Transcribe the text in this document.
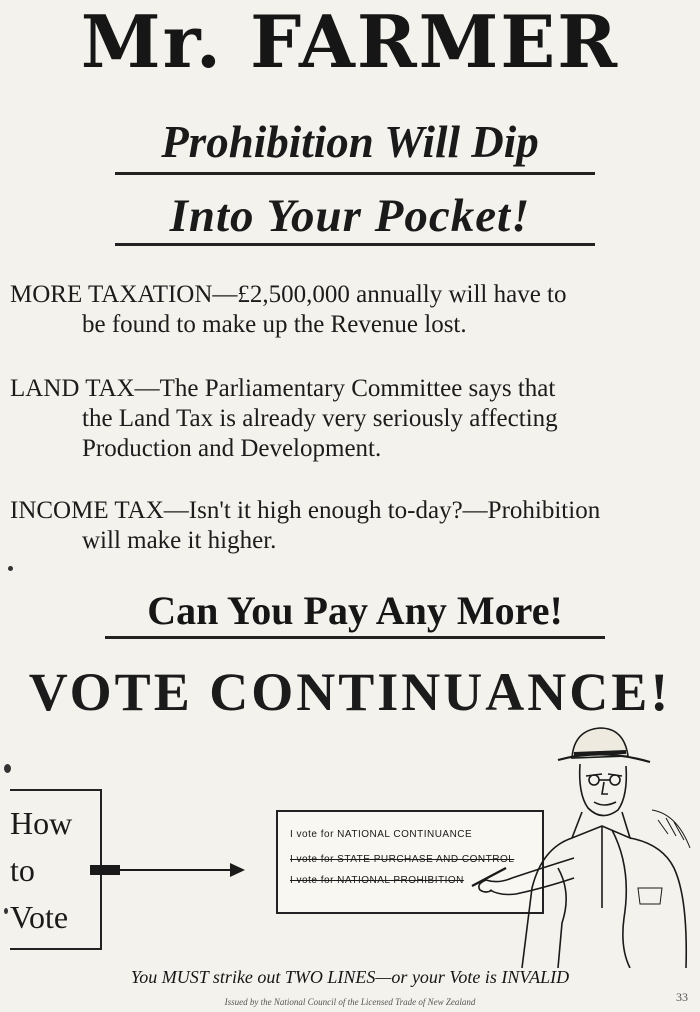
Mr. FARMER
Prohibition Will Dip
Into Your Pocket!
MORE TAXATION—£2,500,000 annually will have to
be found to make up the Revenue lost.
LAND TAX—The Parliamentary Committee says that
the Land Tax is already very seriously affecting
Production and Development.
INCOME TAX—Isn't it high enough to-day?—Prohibition
will make it higher.
Can You Pay Any More!
VOTE CONTINUANCE!
How
to
Vote
I vote for NATIONAL CONTINUANCE
I vote for STATE PURCHASE AND CONTROL
I vote for NATIONAL PROHIBITION
You MUST strike out TWO LINES—or your Vote is INVALID
Issued by the National Council of the Licensed Trade of New Zealand	33
